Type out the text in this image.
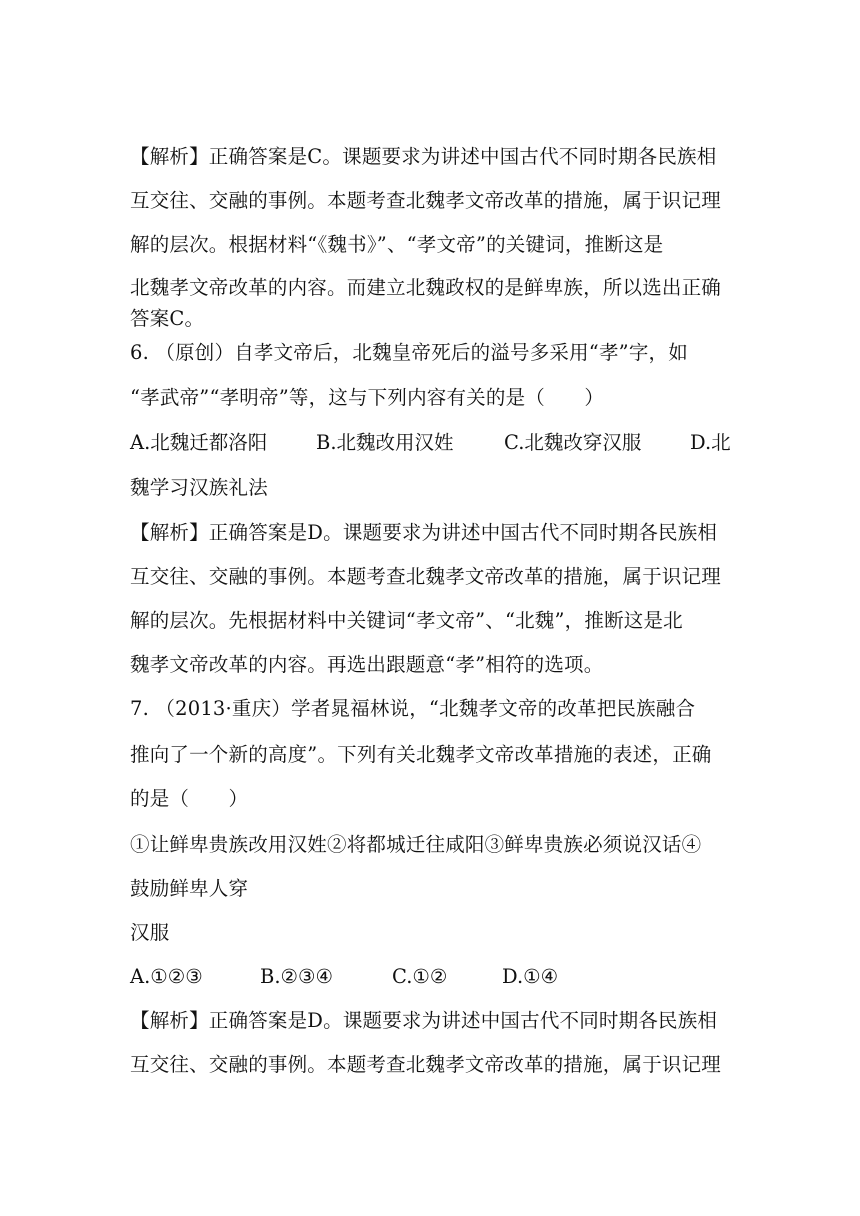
【解析】正确答案是C。课题要求为讲述中国古代不同时期各民族相
互交往、交融的事例。本题考查北魏孝文帝改革的措施，属于识记理
解的层次。根据材料“《魏书》”、“孝文帝”的关键词，推断这是
北魏孝文帝改革的内容。而建立北魏政权的是鲜卑族，所以选出正确
答案C。
6. （原创）自孝文帝后，北魏皇帝死后的溢号多采用“孝”字，如
“孝武帝”“孝明帝”等，这与下列内容有关的是（　　）
A.北魏迁都洛阳 B.北魏改用汉姓	C.北魏改穿汉服 D.北
魏学习汉族礼法
【解析】正确答案是D。课题要求为讲述中国古代不同时期各民族相
互交往、交融的事例。本题考查北魏孝文帝改革的措施，属于识记理
解的层次。先根据材料中关键词“孝文帝”、“北魏”，推断这是北
魏孝文帝改革的内容。再选出跟题意“孝”相符的选项。
7. （2013·重庆）学者晁福林说，“北魏孝文帝的改革把民族融合
推向了一个新的高度”。下列有关北魏孝文帝改革措施的表述，正确
的是（　　）
①让鲜卑贵族改用汉姓②将都城迁往咸阳③鲜卑贵族必须说汉话④
鼓励鲜卑人穿
汉服
A.①②③	B.②③④	C.①②	D.①④
【解析】正确答案是D。课题要求为讲述中国古代不同时期各民族相
互交往、交融的事例。本题考查北魏孝文帝改革的措施，属于识记理
